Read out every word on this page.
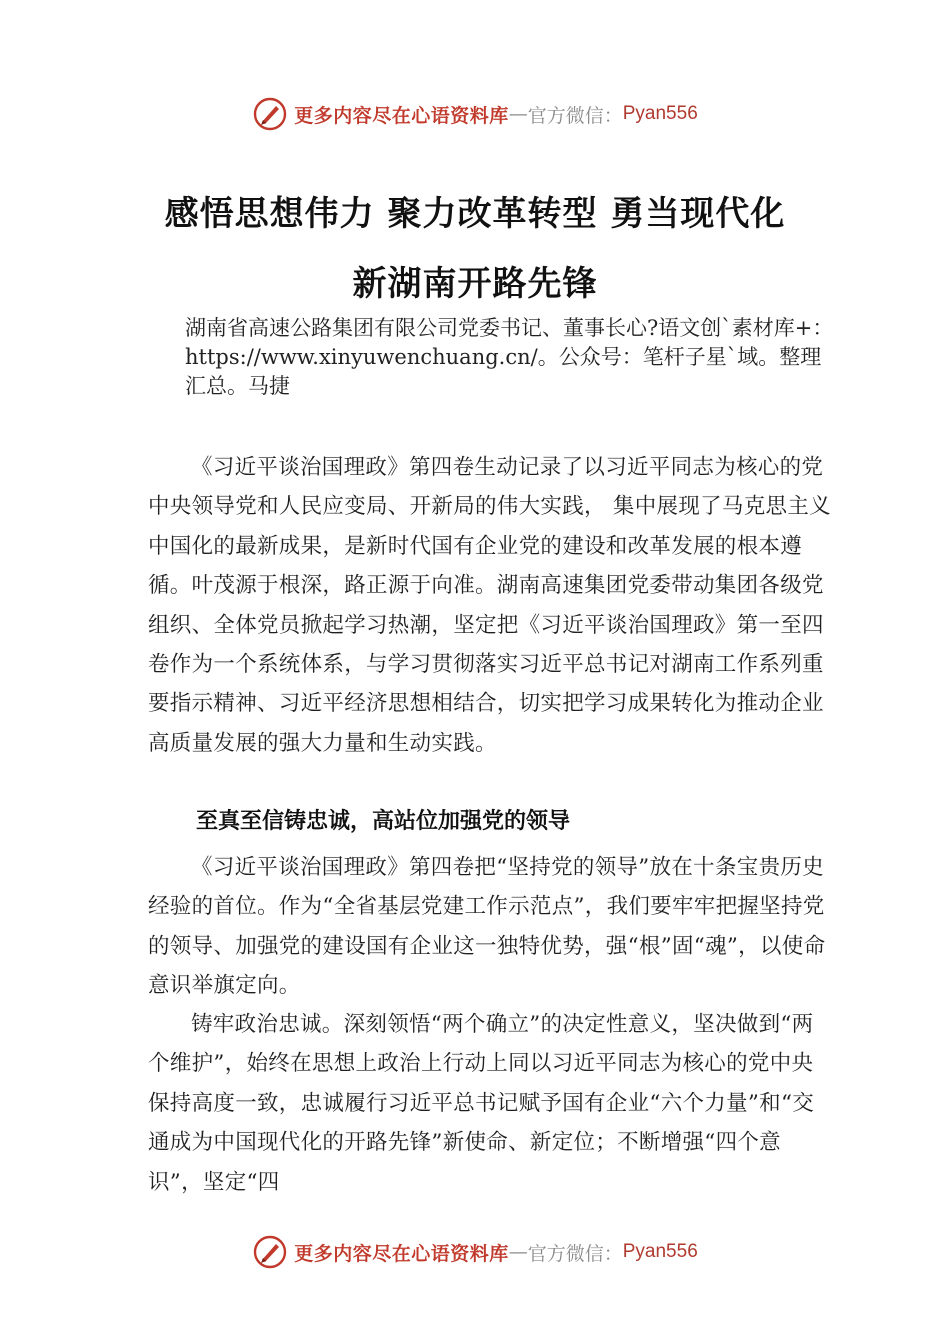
更多内容尽在心语资料库 — 官方微信： Pyan556
感悟思想伟力 聚力改革转型 勇当现代化
新湖南开路先锋
湖南省高速公路集团有限公司党委书记、董事长心?语文创`素材库+：https://www.xinyuwenchuang.cn/。公众号：笔杆子星`域。整理汇总。马捷
《习近平谈治国理政》第四卷生动记录了以习近平同志为核心的党中央领导党和人民应变局、开新局的伟大实践， 集中展现了马克思主义中国化的最新成果，是新时代国有企业党的建设和改革发展的根本遵循。叶茂源于根深，路正源于向准。湖南高速集团党委带动集团各级党组织、全体党员掀起学习热潮，坚定把《习近平谈治国理政》第一至四卷作为一个系统体系，与学习贯彻落实习近平总书记对湖南工作系列重要指示精神、习近平经济思想相结合，切实把学习成果转化为推动企业高质量发展的强大力量和生动实践。
至真至信铸忠诚，高站位加强党的领导
《习近平谈治国理政》第四卷把“坚持党的领导”放在十条宝贵历史经验的首位。作为“全省基层党建工作示范点”，我们要牢牢把握坚持党的领导、加强党的建设国有企业这一独特优势，强“根”固“魂”，以使命意识举旗定向。
铸牢政治忠诚。深刻领悟“两个确立”的决定性意义，坚决做到“两个维护”，始终在思想上政治上行动上同以习近平同志为核心的党中央保持高度一致，忠诚履行习近平总书记赋予国有企业“六个力量”和“交通成为中国现代化的开路先锋”新使命、新定位；不断增强“四个意识”，坚定“四
更多内容尽在心语资料库 — 官方微信： Pyan556
